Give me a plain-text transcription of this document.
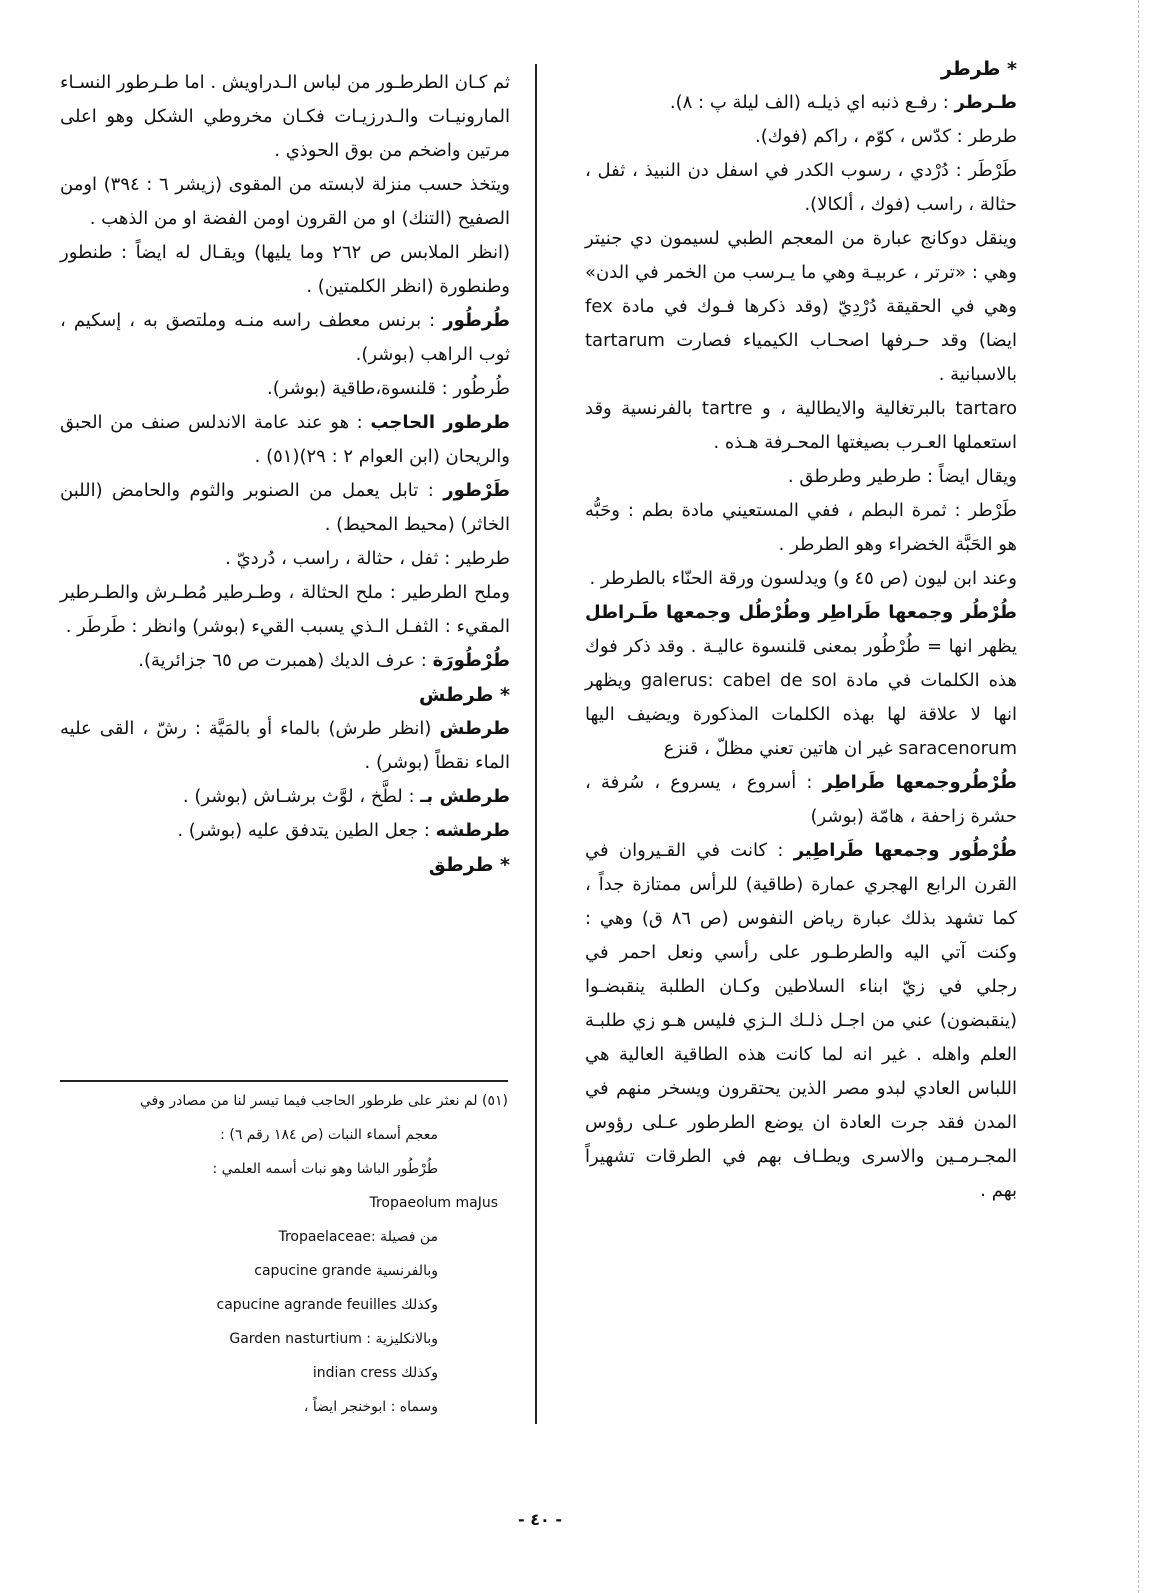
* طرطر

طـرطر : رفـع ذنبه اي ذيلـه (الف ليلة پ : ٨).

طرطر : كدّس ، كوّم ، راكم (فوك).

طَرْطَر : دُرْدي ، رسوب الكدر في اسفل دن النبيذ ، ثفل ، حثالة ، راسب (فوك ، ألكالا).

وينقل دوكانج عبارة من المعجم الطبي لسيمون دي جنيتر وهي : «ترتر ، عربيـة وهي ما يـرسب من الخمر في الدن» وهي في الحقيقة دُرْدِيّ (وقد ذكرها فـوك في مادة fex ايضا) وقد حـرفها اصحـاب الكيمياء فصارت tartarum بالاسبانية .

tartaro بالبرتغالية والايطالية ، و tartre بالفرنسية وقد استعملها العـرب بصيغتها المحـرفة هـذه .

ويقال ايضاً : طرطير وطرطق .

طَرْطر : ثمرة البطم ، ففي المستعيني مادة بطم : وحَبُّه هو الحَبَّة الخضراء وهو الطرطر .

وعند ابن ليون (ص ٤٥ و) ويدلسون ورقة الحنّاء بالطرطر .

طُرْطُر وجمعها طَراطِر وطُرْطُل وجمعها طَـراطل يظهر انها = طُرْطُور بمعنى قلنسوة عاليـة . وقد ذكر فوك هذه الكلمات في مادة galerus: cabel de sol ويظهر انها لا علاقة لها بهذه الكلمات المذكورة ويضيف اليها saracenorum غير ان هاتين تعني مظلّ ، قنزع

طُرْطُروجمعها طَراطِر : أسروع ، يسروع ، سُرفة ، حشرة زاحفة ، هامّة (بوشر)

طُرْطُور وجمعها طَراطِير : كانت في القـيروان في القرن الرابع الهجري عمارة (طاقية) للرأس ممتازة جداً ، كما تشهد بذلك عبارة رياض النفوس (ص ٨٦ ق) وهي : وكنت آتي اليه والطرطـور على رأسي ونعل احمر في رجلي في زيّ ابناء السلاطين وكـان الطلبة ينقبضـوا (ينقبضون) عني من اجـل ذلـك الـزي فليس هـو زي طلبـة العلم واهله . غير انه لما كانت هذه الطاقية العالية هي اللباس العادي لبدو مصر الذين يحتقرون ويسخر منهم في المدن فقد جرت العادة ان يوضع الطرطور عـلى رؤوس المجـرمـين والاسرى ويطـاف بهم في الطرقات تشهيراً بهم .

ثم كـان الطرطـور من لباس الـدراويش . اما طـرطور النسـاء المارونيـات والـدرزيـات فكـان مخروطي الشكل وهو اعلى مرتين واضخم من بوق الحوذي .

ويتخذ حسب منزلة لابسته من المقوى (زيشر ٦ : ٣٩٤) اومن الصفيح (التنك) او من القرون اومن الفضة او من الذهب .

(انظر الملابس ص ٢٦٢ وما يليها) ويقـال له ايضاً : طنطور وطنطورة (انظر الكلمتين) .

طُرطُور : برنس معطف راسه منـه وملتصق به ، إسكيم ، ثوب الراهب (بوشر).

طُرطُور : قلنسوة،طاقية (بوشر).

طرطور الحاجب : هو عند عامة الاندلس صنف من الحبق والريحان (ابن العوام ٢ : ٢٩)(٥١) .

طَرْطور : تابل يعمل من الصنوبر والثوم والحامض (اللبن الخاثر) (محيط المحيط) .

طرطير : ثفل ، حثالة ، راسب ، دُرديّ .

وملح الطرطير : ملح الحثالة ، وطـرطير مُطـرش والطـرطير المقيء : الثفـل الـذي يسبب القيء (بوشر) وانظر : طَرطَر .

طُرْطُورَة : عرف الديك (همبرت ص ٦٥ جزائرية).

* طرطش

طرطش (انظر طرش) بالماء أو بالمَيَّة : رشّ ، القى عليه الماء نقطاً (بوشر) .

طرطش بـ : لطَّخ ، لوَّث برشـاش (بوشر) .

طرطشه : جعل الطين يتدفق عليه (بوشر) .

* طرطق

(٥١) لم نعثر على طرطور الحاجب فيما تيسر لنا من مصادر وفي

معجم أسماء النبات (ص ١٨٤ رقم ٦) :

طُرْطُور الباشا وهو نبات أسمه العلمي :

Tropaeolum maJus

من فصيلة :Tropaelaceae

وبالفرنسية capucine grande

وكذلك capucine agrande feuilles

وبالانكليزية : Garden nasturtium

وكذلك indian cress

وسماه : ابوخنجر ايضاً ،

- ٤٠ -
